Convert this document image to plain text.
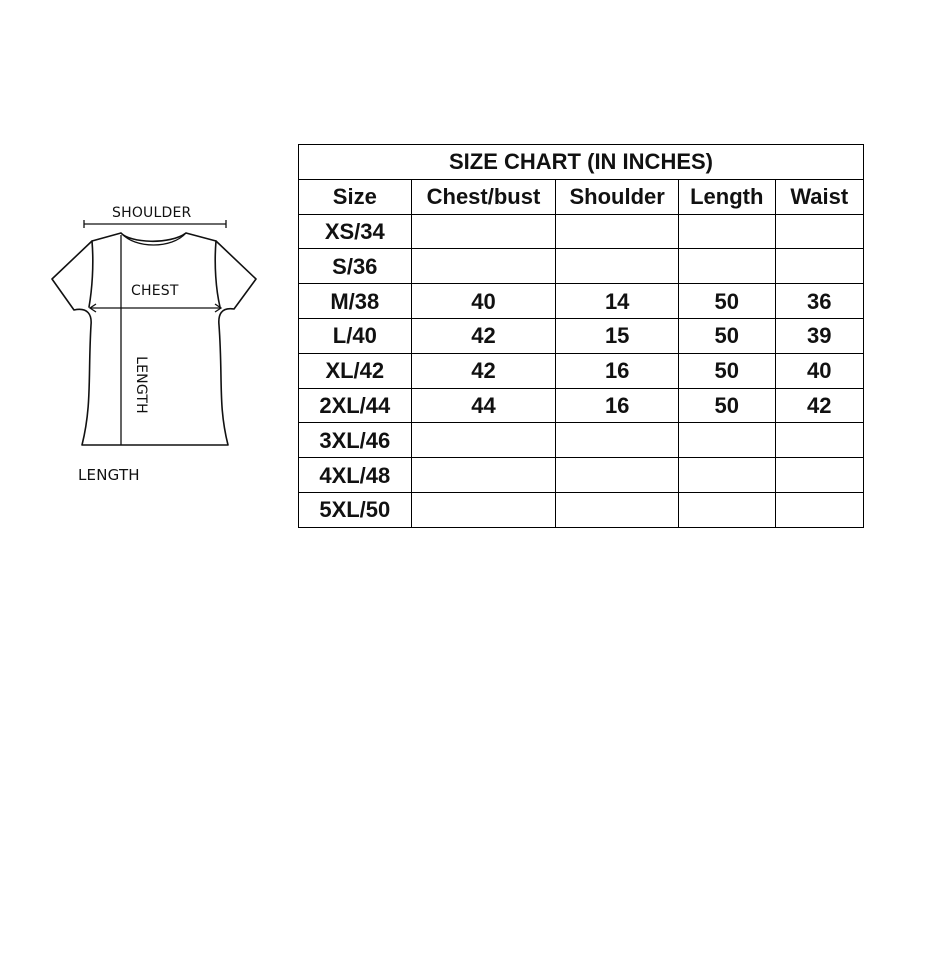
SHOULDER
CHEST
LENGTH
LENGTH
SIZE CHART (IN INCHES)				
Size	Chest/bust	Shoulder	Length	Waist
XS/34				
S/36				
M/38	40	14	50	36
L/40	42	15	50	39
XL/42	42	16	50	40
2XL/44	44	16	50	42
3XL/46				
4XL/48				
5XL/50				
